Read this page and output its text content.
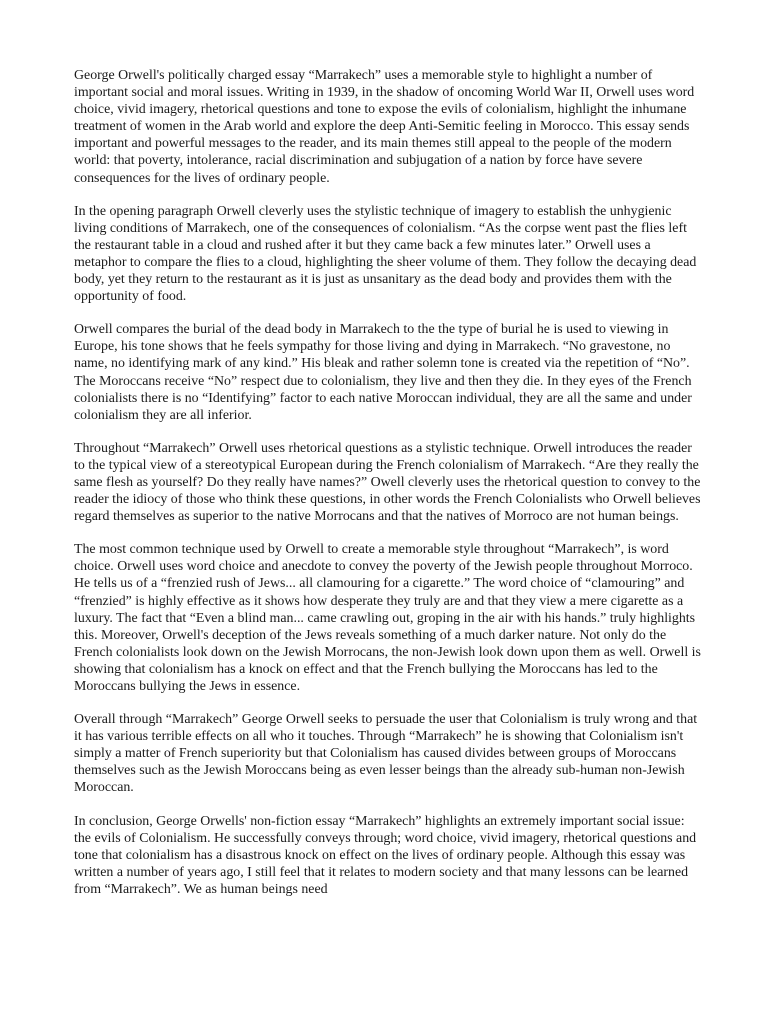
George Orwell's politically charged essay “Marrakech” uses a memorable style to highlight a number of important social and moral issues. Writing in 1939, in the shadow of oncoming World War II, Orwell uses word choice, vivid imagery, rhetorical questions and tone to expose the evils of colonialism, highlight the inhumane treatment of women in the Arab world and explore the deep Anti-Semitic feeling in Morocco. This essay sends important and powerful messages to the reader, and its main themes still appeal to the people of the modern world: that poverty, intolerance, racial discrimination and subjugation of a nation by force have severe consequences for the lives of ordinary people.

In the opening paragraph Orwell cleverly uses the stylistic technique of imagery to establish the unhygienic living conditions of Marrakech, one of the consequences of colonialism. “As the corpse went past the flies left the restaurant table in a cloud and rushed after it but they came back a few minutes later.” Orwell uses a metaphor to compare the flies to a cloud, highlighting the sheer volume of them. They follow the decaying dead body, yet they return to the restaurant as it is just as unsanitary as the dead body and provides them with the opportunity of food.

Orwell compares the burial of the dead body in Marrakech to the the type of burial he is used to viewing in Europe, his tone shows that he feels sympathy for those living and dying in Marrakech. “No gravestone, no name, no identifying mark of any kind.” His bleak and rather solemn tone is created via the repetition of “No”. The Moroccans receive “No” respect due to colonialism, they live and then they die. In they eyes of the French colonialists there is no “Identifying” factor to each native Moroccan individual, they are all the same and under colonialism they are all inferior.

Throughout “Marrakech” Orwell uses rhetorical questions as a stylistic technique. Orwell introduces the reader to the typical view of a stereotypical European during the French colonialism of Marrakech. “Are they really the same flesh as yourself? Do they really have names?” Owell cleverly uses the rhetorical question to convey to the reader the idiocy of those who think these questions, in other words the French Colonialists who Orwell believes regard themselves as superior to the native Morrocans and that the natives of Morroco are not human beings.

The most common technique used by Orwell to create a memorable style throughout “Marrakech”, is word choice. Orwell uses word choice and anecdote to convey the poverty of the Jewish people throughout Morroco. He tells us of a “frenzied rush of Jews... all clamouring for a cigarette.” The word choice of “clamouring” and “frenzied” is highly effective as it shows how desperate they truly are and that they view a mere cigarette as a luxury. The fact that “Even a blind man... came crawling out, groping in the air with his hands.” truly highlights this. Moreover, Orwell's deception of the Jews reveals something of a much darker nature. Not only do the French colonialists look down on the Jewish Morrocans, the non-Jewish look down upon them as well. Orwell is showing that colonialism has a knock on effect and that the French bullying the Moroccans has led to the Moroccans bullying the Jews in essence.

Overall through “Marrakech” George Orwell seeks to persuade the user that Colonialism is truly wrong and that it has various terrible effects on all who it touches. Through “Marrakech” he is showing that Colonialism isn't simply a matter of French superiority but that Colonialism has caused divides between groups of Moroccans themselves such as the Jewish Moroccans being as even lesser beings than the already sub-human non-Jewish Moroccan.

In conclusion, George Orwells' non-fiction essay “Marrakech” highlights an extremely important social issue: the evils of Colonialism. He successfully conveys through; word choice, vivid imagery, rhetorical questions and tone that colonialism has a disastrous knock on effect on the lives of ordinary people. Although this essay was written a number of years ago, I still feel that it relates to modern society and that many lessons can be learned from “Marrakech”. We as human beings need
